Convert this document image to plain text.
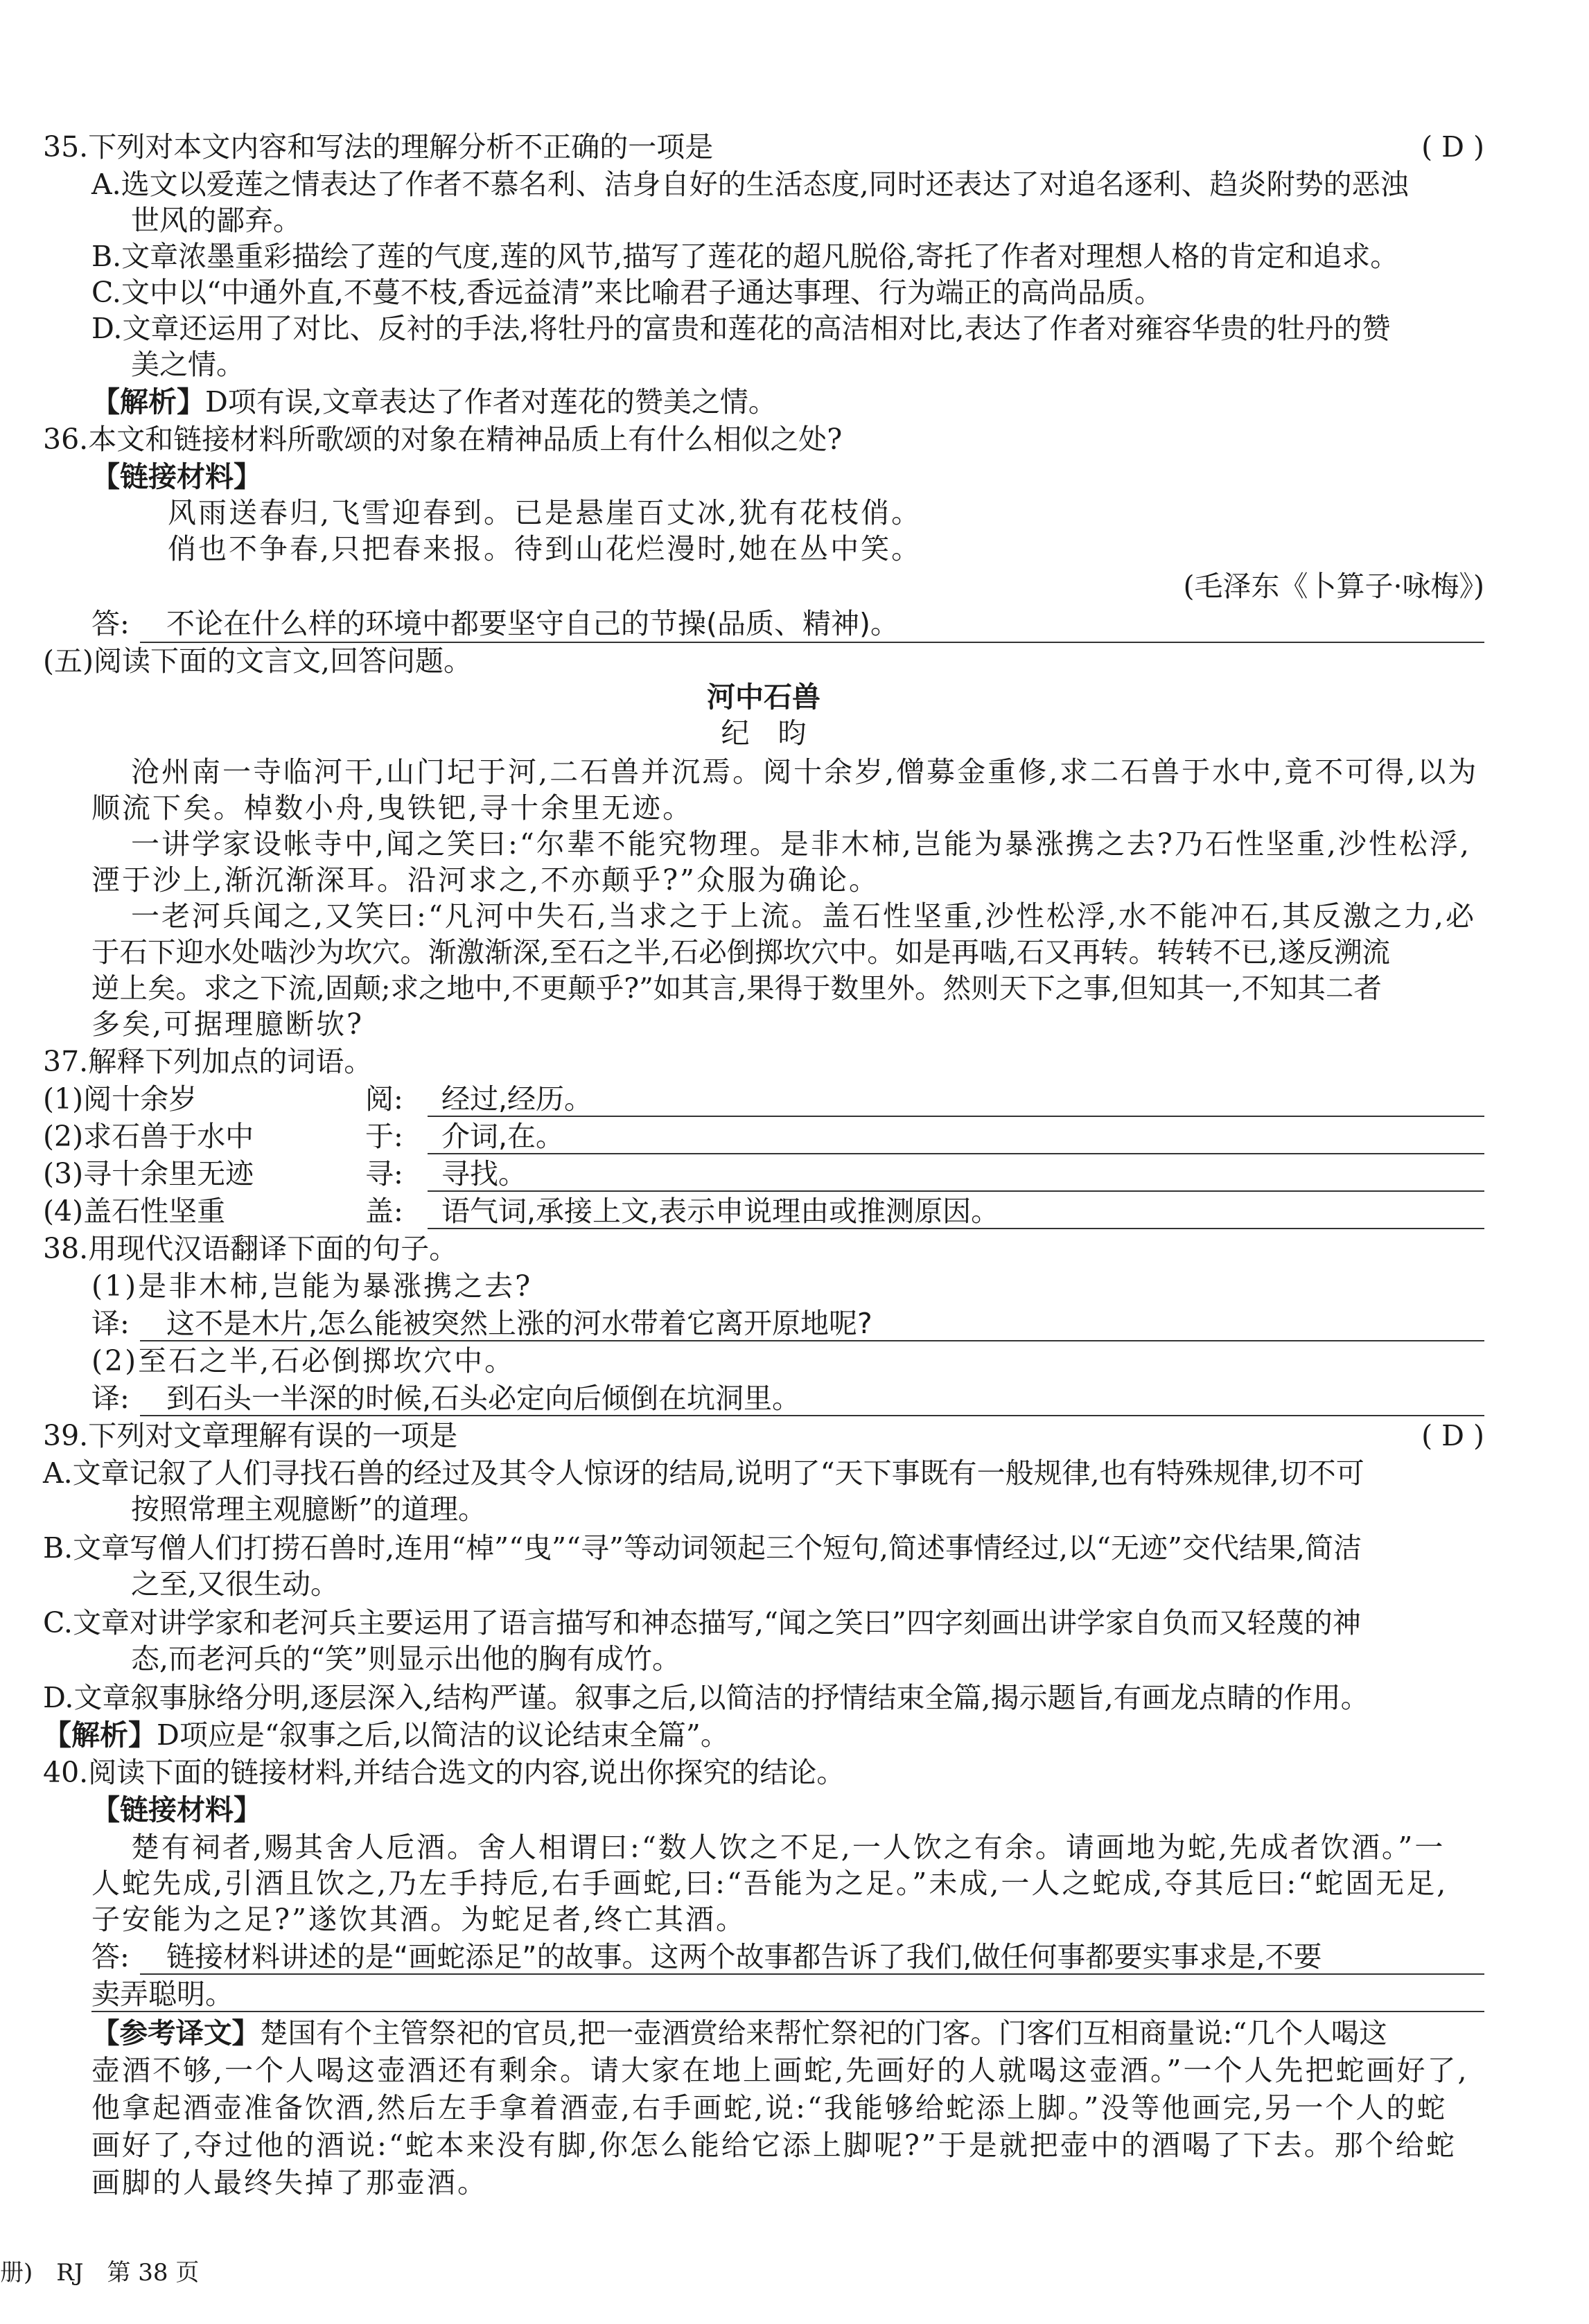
35.下列对本文内容和写法的理解分析不正确的一项是	( D )
A.选文以爱莲之情表达了作者不慕名利、洁身自好的生活态度,同时还表达了对追名逐利、趋炎附势的恶浊
世风的鄙弃。
B.文章浓墨重彩描绘了莲的气度,莲的风节,描写了莲花的超凡脱俗,寄托了作者对理想人格的肯定和追求。
C.文中以“中通外直,不蔓不枝,香远益清”来比喻君子通达事理、行为端正的高尚品质。
D.文章还运用了对比、反衬的手法,将牡丹的富贵和莲花的高洁相对比,表达了作者对雍容华贵的牡丹的赞
美之情。
【解析】D项有误,文章表达了作者对莲花的赞美之情。
36.本文和链接材料所歌颂的对象在精神品质上有什么相似之处?
【链接材料】
风雨送春归,飞雪迎春到。已是悬崖百丈冰,犹有花枝俏。
俏也不争春,只把春来报。待到山花烂漫时,她在丛中笑。
(毛泽东《卜算子·咏梅》)
答: 不论在什么样的环境中都要坚守自己的节操(品质、精神)。
(五)阅读下面的文言文,回答问题。
河中石兽
纪　昀
沧州南一寺临河干,山门圮于河,二石兽并沉焉。阅十余岁,僧募金重修,求二石兽于水中,竟不可得,以为
顺流下矣。棹数小舟,曳铁钯,寻十余里无迹。
一讲学家设帐寺中,闻之笑曰:“尔辈不能究物理。是非木柿,岂能为暴涨携之去?乃石性坚重,沙性松浮,
湮于沙上,渐沉渐深耳。沿河求之,不亦颠乎?”众服为确论。
一老河兵闻之,又笑曰:“凡河中失石,当求之于上流。盖石性坚重,沙性松浮,水不能冲石,其反激之力,必
于石下迎水处啮沙为坎穴。渐激渐深,至石之半,石必倒掷坎穴中。如是再啮,石又再转。转转不已,遂反溯流
逆上矣。求之下流,固颠;求之地中,不更颠乎?”如其言,果得于数里外。然则天下之事,但知其一,不知其二者
多矣,可据理臆断欤?
37.解释下列加点的词语。
(1)阅十余岁	阅: 经过,经历。
(2)求石兽于水中	于: 介词,在。
(3)寻十余里无迹	寻: 寻找。
(4)盖石性坚重	盖: 语气词,承接上文,表示申说理由或推测原因。
38.用现代汉语翻译下面的句子。
(1)是非木柿,岂能为暴涨携之去?
译: 这不是木片,怎么能被突然上涨的河水带着它离开原地呢?
(2)至石之半,石必倒掷坎穴中。
译: 到石头一半深的时候,石头必定向后倾倒在坑洞里。
39.下列对文章理解有误的一项是	( D )
A.文章记叙了人们寻找石兽的经过及其令人惊讶的结局,说明了“天下事既有一般规律,也有特殊规律,切不可
按照常理主观臆断”的道理。
B.文章写僧人们打捞石兽时,连用“棹”“曳”“寻”等动词领起三个短句,简述事情经过,以“无迹”交代结果,简洁
之至,又很生动。
C.文章对讲学家和老河兵主要运用了语言描写和神态描写,“闻之笑曰”四字刻画出讲学家自负而又轻蔑的神
态,而老河兵的“笑”则显示出他的胸有成竹。
D.文章叙事脉络分明,逐层深入,结构严谨。叙事之后,以简洁的抒情结束全篇,揭示题旨,有画龙点睛的作用。
【解析】D项应是“叙事之后,以简洁的议论结束全篇”。
40.阅读下面的链接材料,并结合选文的内容,说出你探究的结论。
【链接材料】
楚有祠者,赐其舍人卮酒。舍人相谓曰:“数人饮之不足,一人饮之有余。请画地为蛇,先成者饮酒。”一
人蛇先成,引酒且饮之,乃左手持卮,右手画蛇,曰:“吾能为之足。”未成,一人之蛇成,夺其卮曰:“蛇固无足,
子安能为之足?”遂饮其酒。为蛇足者,终亡其酒。
答: 链接材料讲述的是“画蛇添足”的故事。这两个故事都告诉了我们,做任何事都要实事求是,不要
卖弄聪明。
【参考译文】楚国有个主管祭祀的官员,把一壶酒赏给来帮忙祭祀的门客。门客们互相商量说:“几个人喝这
壶酒不够,一个人喝这壶酒还有剩余。请大家在地上画蛇,先画好的人就喝这壶酒。”一个人先把蛇画好了,
他拿起酒壶准备饮酒,然后左手拿着酒壶,右手画蛇,说:“我能够给蛇添上脚。”没等他画完,另一个人的蛇
画好了,夺过他的酒说:“蛇本来没有脚,你怎么能给它添上脚呢?”于是就把壶中的酒喝了下去。那个给蛇
画脚的人最终失掉了那壶酒。
册)　RJ　第 38 页
